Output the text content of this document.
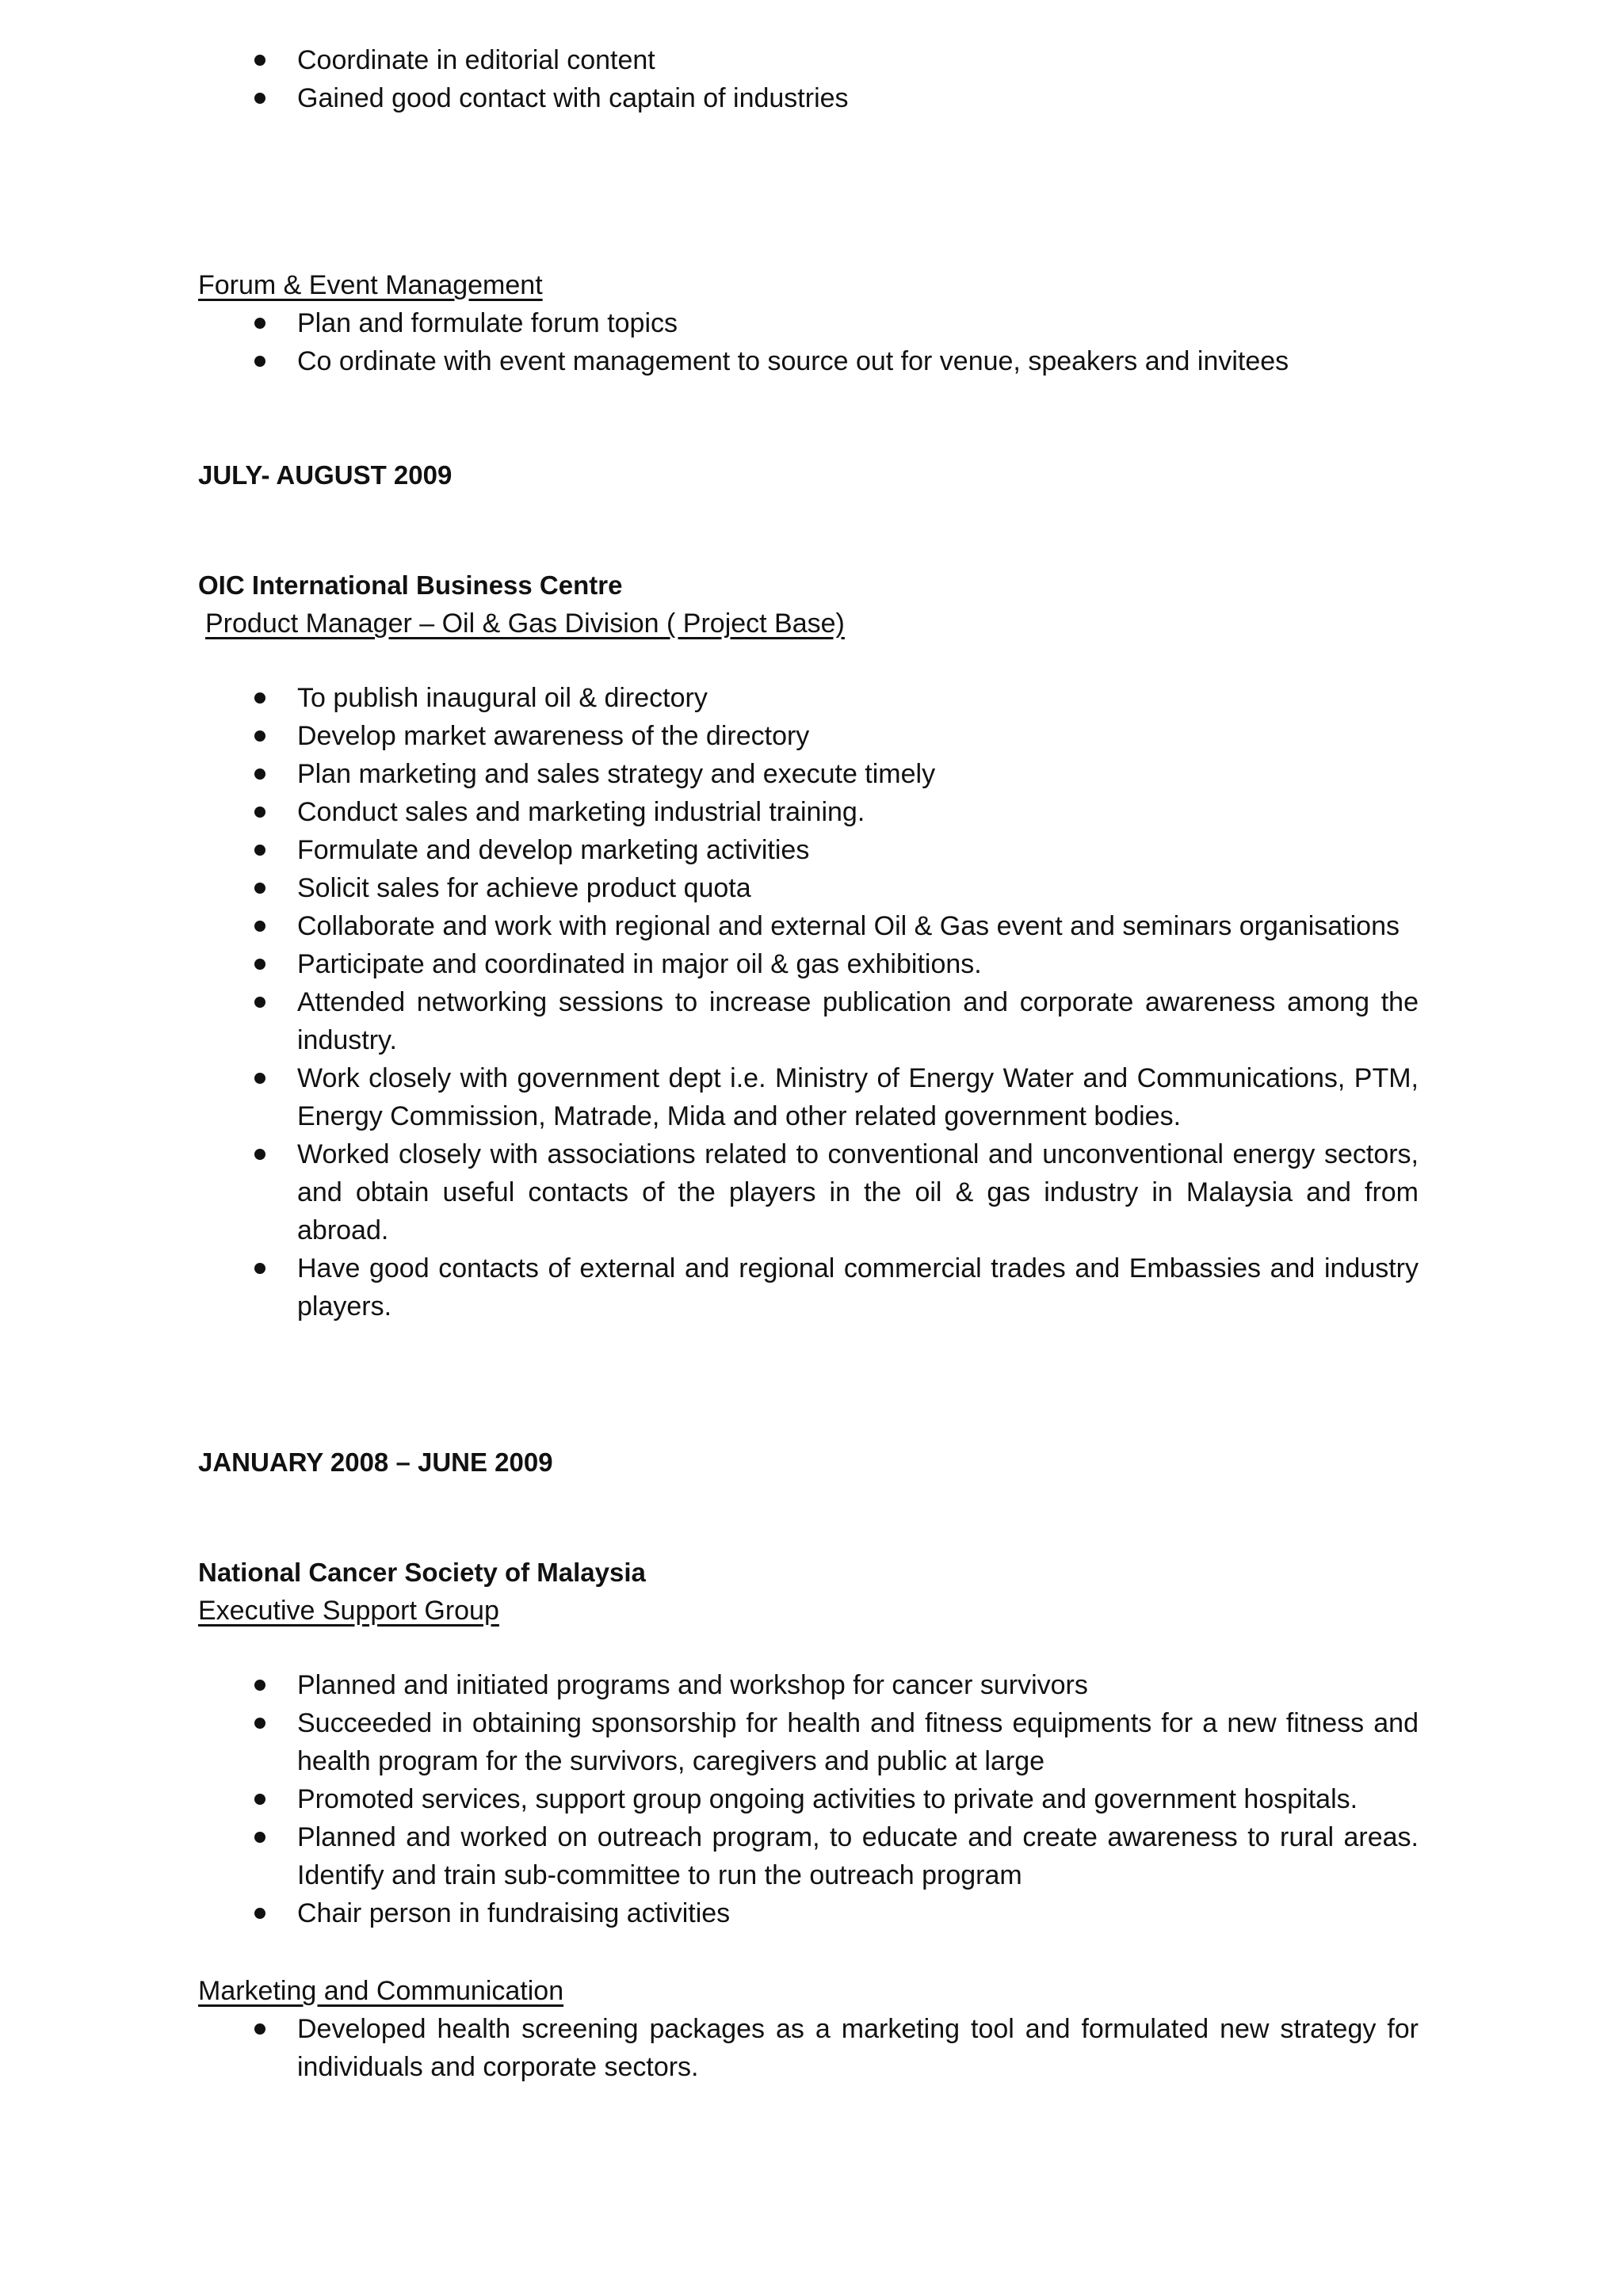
Coordinate in editorial content
Gained good contact with captain of industries

Forum & Event Management

Plan and formulate forum topics
Co ordinate with event management to source out for venue, speakers and invitees

JULY- AUGUST 2009

OIC International Business Centre

Product Manager – Oil & Gas Division ( Project Base)

To publish inaugural oil & directory
Develop market awareness of the directory
Plan marketing and sales strategy and execute timely
Conduct sales and marketing industrial training.
Formulate and develop marketing activities
Solicit sales for achieve product quota
Collaborate and work with regional and external Oil & Gas event and seminars organisations
Participate and coordinated in major oil & gas exhibitions.
Attended networking sessions to increase publication and corporate awareness among the industry.
Work closely with government dept i.e. Ministry of Energy Water and Communications, PTM, Energy Commission, Matrade, Mida and other related government bodies.
Worked closely with associations related to conventional and unconventional energy sectors, and obtain useful contacts of the players in the oil & gas industry in Malaysia and from abroad.
Have good contacts of external and regional commercial trades and Embassies and industry players.

JANUARY 2008 – JUNE 2009

National Cancer Society of Malaysia

Executive Support Group

Planned and initiated programs and workshop for cancer survivors
Succeeded in obtaining sponsorship for health and fitness equipments for a new fitness and health program for the survivors, caregivers and public at large
Promoted services, support group ongoing activities to private and government hospitals.
Planned and worked on outreach program, to educate and create awareness to rural areas. Identify and train sub-committee to run the outreach program
Chair person in fundraising activities

Marketing and Communication

Developed health screening packages as a marketing tool and formulated new strategy for individuals and corporate sectors.
